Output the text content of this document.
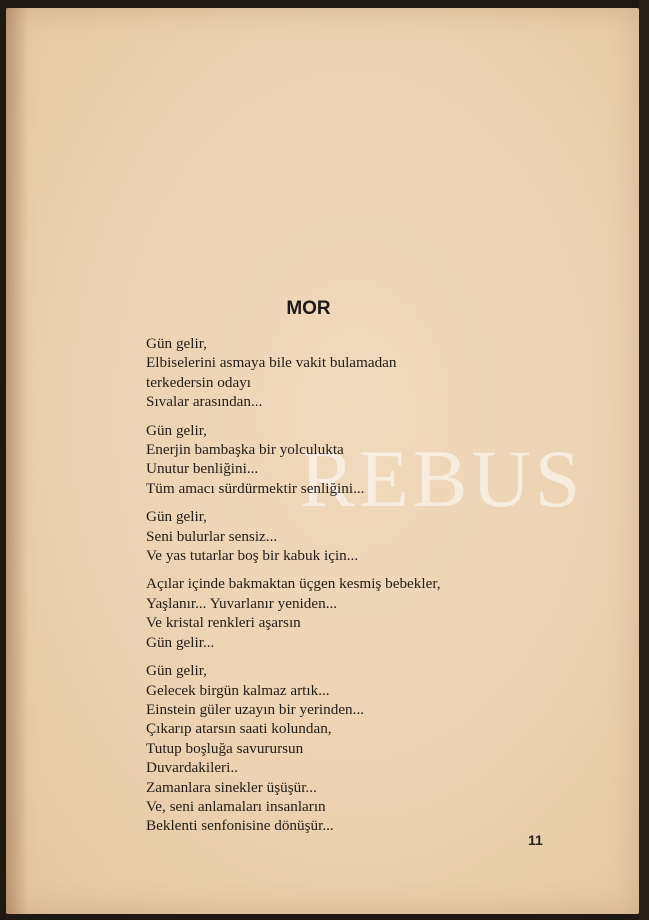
REBUS
MOR
Gün gelir,
Elbiselerini asmaya bile vakit bulamadan
terkedersin odayı
Sıvalar arasından...
Gün gelir,
Enerjin bambaşka bir yolculukta
Unutur benliğini...
Tüm amacı sürdürmektir senliğini...
Gün gelir,
Seni bulurlar sensiz...
Ve yas tutarlar boş bir kabuk için...
Açılar içinde bakmaktan üçgen kesmiş bebekler,
Yaşlanır... Yuvarlanır yeniden...
Ve kristal renkleri aşarsın
Gün gelir...
Gün gelir,
Gelecek birgün kalmaz artık...
Einstein güler uzayın bir yerinden...
Çıkarıp atarsın saati kolundan,
Tutup boşluğa savurursun
Duvardakileri..
Zamanlara sinekler üşüşür...
Ve, seni anlamaları insanların
Beklenti senfonisine dönüşür...
11
